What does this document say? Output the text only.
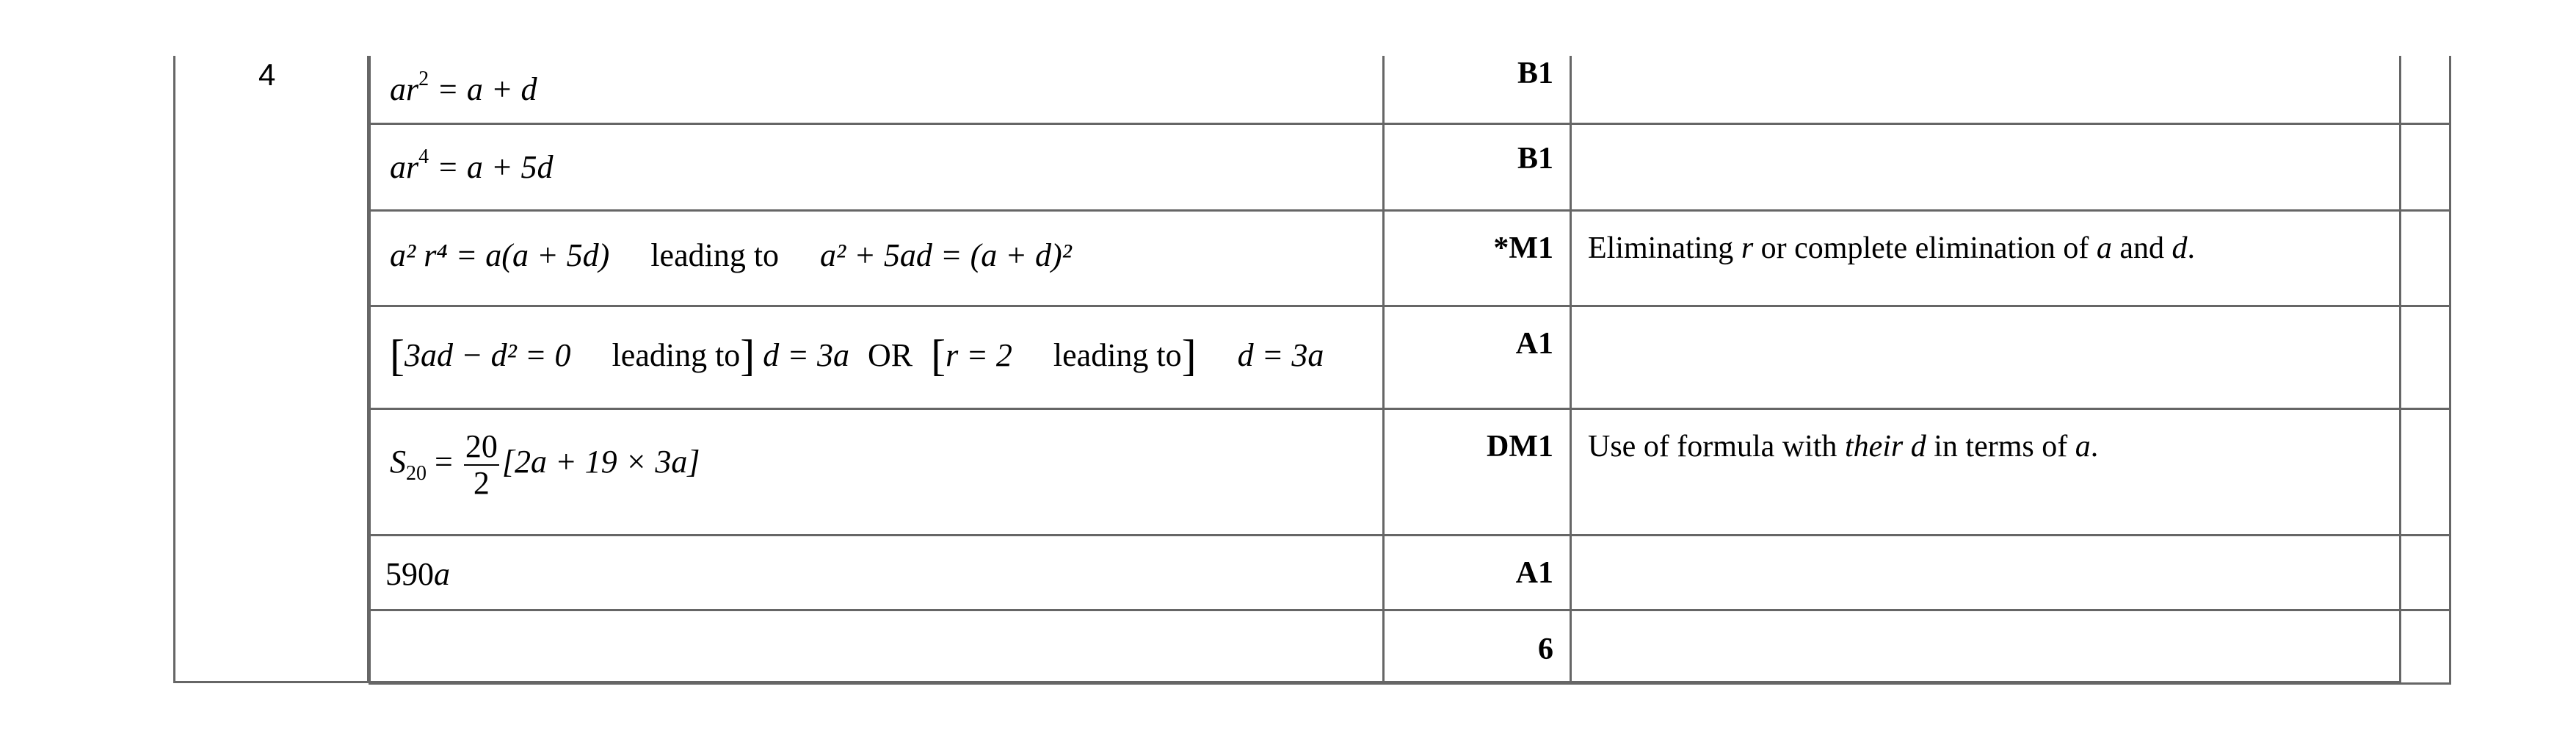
4	$ar^2 = a + d$	B1	

$ar^4 = a + 5d$	B1	

a² r⁴ = a(a + 5d) leading to a² + 5ad = (a + d)²	*M1	Eliminating r or complete elimination of a and d.

[3ad − d² = 0 leading to] d = 3a OR [r = 2 leading to] d = 3a	A1	

$S_{20} = \frac{20}{2} [2a + 19 \times 3a]$	DM1	Use of formula with their d in terms of a.

590a	A1	

	6	
